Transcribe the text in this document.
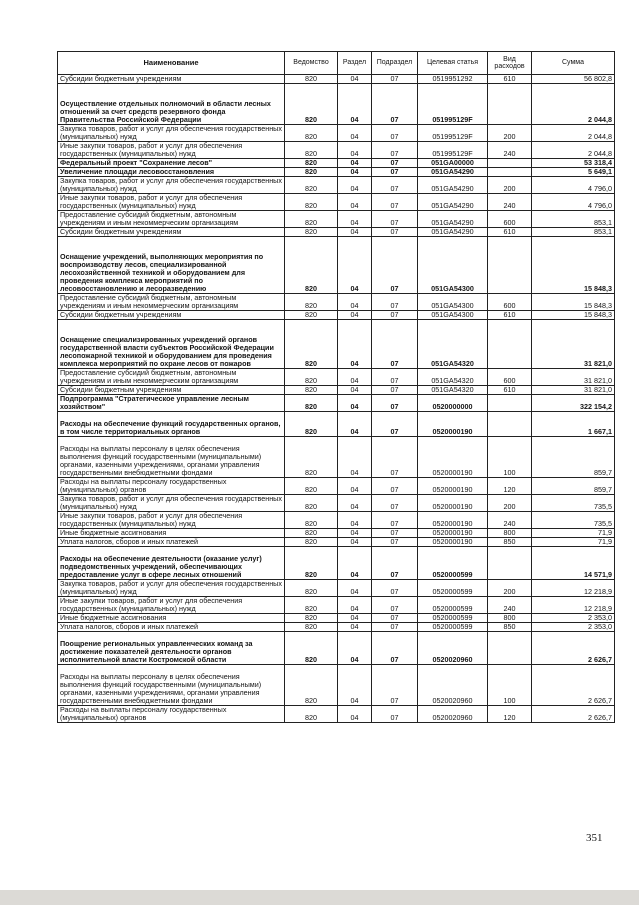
Наименование	Ведомство	Раздел	Подраздел	Целевая статья	Вид расходов	Сумма
Субсидии бюджетным учреждениям	820	04	07	0519951292	610	56 802,8
Осуществление отдельных полномочий в области лесных отношений за счет средств резервного фонда Правительства Российской Федерации	820	04	07	051995129F		2 044,8
Закупка товаров, работ и услуг для обеспечения государственных (муниципальных) нужд	820	04	07	051995129F	200	2 044,8
Иные закупки товаров, работ и услуг для обеспечения государственных (муниципальных) нужд	820	04	07	051995129F	240	2 044,8
Федеральный проект "Сохранение лесов"	820	04	07	051GA00000		53 318,4
Увеличение площади лесовосстановления	820	04	07	051GA54290		5 649,1
Закупка товаров, работ и услуг для обеспечения государственных (муниципальных) нужд	820	04	07	051GA54290	200	4 796,0
Иные закупки товаров, работ и услуг для обеспечения государственных (муниципальных) нужд	820	04	07	051GA54290	240	4 796,0
Предоставление субсидий бюджетным, автономным учреждениям и иным некоммерческим организациям	820	04	07	051GA54290	600	853,1
Субсидии бюджетным учреждениям	820	04	07	051GA54290	610	853,1
Оснащение учреждений, выполняющих мероприятия по воспроизводству лесов, специализированной лесохозяйственной техникой и оборудованием для проведения комплекса мероприятий по лесовосстановлению и лесоразведению	820	04	07	051GA54300		15 848,3
Предоставление субсидий бюджетным, автономным учреждениям и иным некоммерческим организациям	820	04	07	051GA54300	600	15 848,3
Субсидии бюджетным учреждениям	820	04	07	051GA54300	610	15 848,3
Оснащение специализированных учреждений органов государственной власти субъектов Российской Федерации лесопожарной техникой и оборудованием для проведения комплекса мероприятий по охране лесов от пожаров	820	04	07	051GA54320		31 821,0
Предоставление субсидий бюджетным, автономным учреждениям и иным некоммерческим организациям	820	04	07	051GA54320	600	31 821,0
Субсидии бюджетным учреждениям	820	04	07	051GA54320	610	31 821,0
Подпрограмма "Стратегическое управление лесным хозяйством"	820	04	07	0520000000		322 154,2
Расходы на обеспечение функций государственных органов, в том числе территориальных органов	820	04	07	0520000190		1 667,1
Расходы на выплаты персоналу в целях обеспечения выполнения функций государственными (муниципальными) органами, казенными учреждениями, органами управления государственными внебюджетными фондами	820	04	07	0520000190	100	859,7
Расходы на выплаты персоналу государственных (муниципальных) органов	820	04	07	0520000190	120	859,7
Закупка товаров, работ и услуг для обеспечения государственных (муниципальных) нужд	820	04	07	0520000190	200	735,5
Иные закупки товаров, работ и услуг для обеспечения государственных (муниципальных) нужд	820	04	07	0520000190	240	735,5
Иные бюджетные ассигнования	820	04	07	0520000190	800	71,9
Уплата налогов, сборов и иных платежей	820	04	07	0520000190	850	71,9
Расходы на обеспечение деятельности (оказание услуг) подведомственных учреждений, обеспечивающих предоставление услуг в сфере лесных отношений	820	04	07	0520000599		14 571,9
Закупка товаров, работ и услуг для обеспечения государственных (муниципальных) нужд	820	04	07	0520000599	200	12 218,9
Иные закупки товаров, работ и услуг для обеспечения государственных (муниципальных) нужд	820	04	07	0520000599	240	12 218,9
Иные бюджетные ассигнования	820	04	07	0520000599	800	2 353,0
Уплата налогов, сборов и иных платежей	820	04	07	0520000599	850	2 353,0
Поощрение региональных управленческих команд за достижение показателей деятельности органов исполнительной власти Костромской области	820	04	07	0520020960		2 626,7
Расходы на выплаты персоналу в целях обеспечения выполнения функций государственными (муниципальными) органами, казенными учреждениями, органами управления государственными внебюджетными фондами	820	04	07	0520020960	100	2 626,7
Расходы на выплаты персоналу государственных (муниципальных) органов	820	04	07	0520020960	120	2 626,7
351
